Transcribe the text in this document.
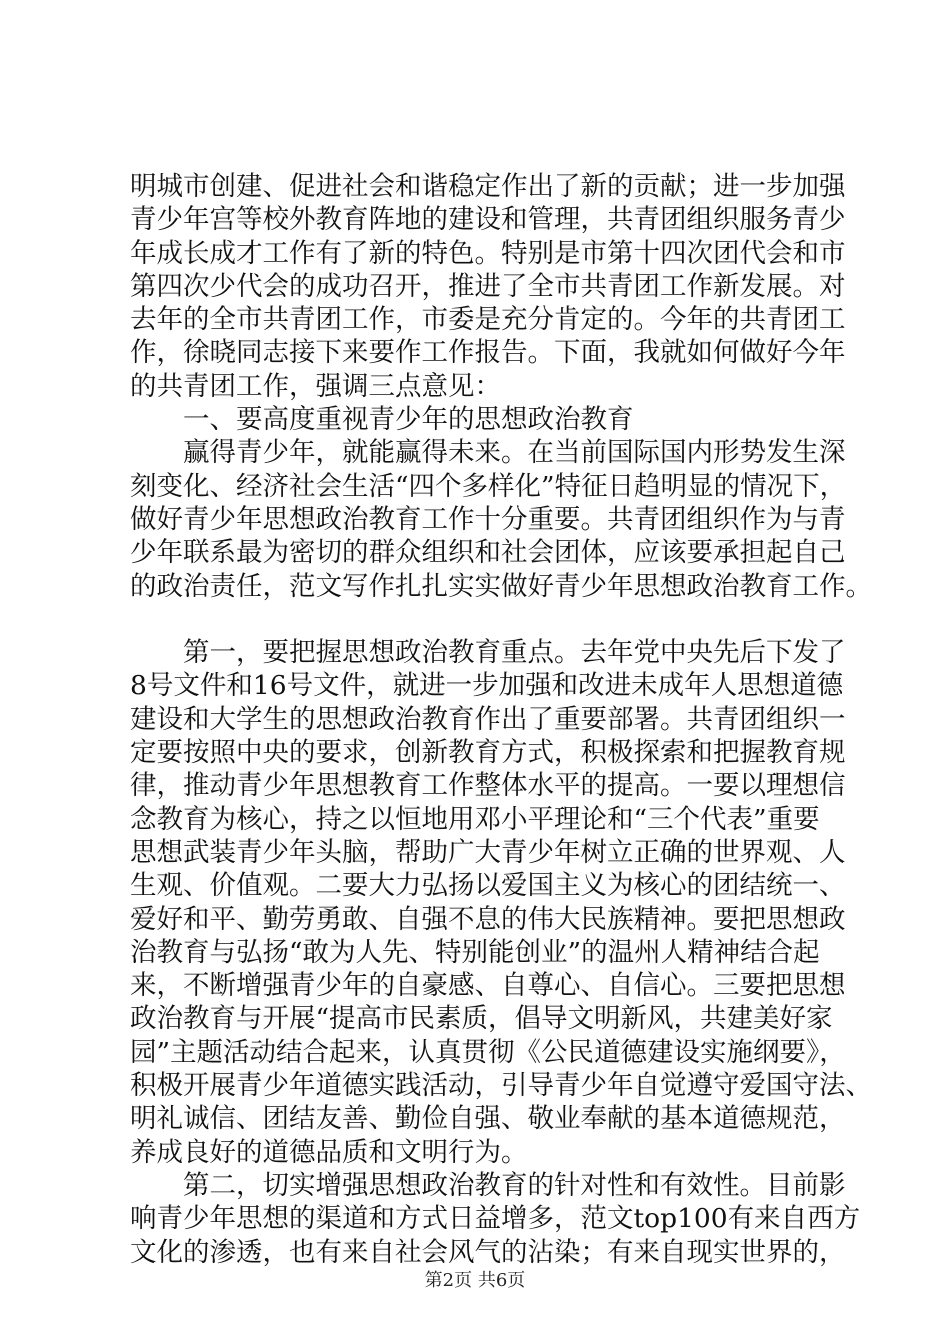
明城市创建、促进社会和谐稳定作出了新的贡献；进一步加强
青少年宫等校外教育阵地的建设和管理，共青团组织服务青少
年成长成才工作有了新的特色。特别是市第十四次团代会和市
第四次少代会的成功召开，推进了全市共青团工作新发展。对
去年的全市共青团工作，市委是充分肯定的。今年的共青团工
作，徐晓同志接下来要作工作报告。下面，我就如何做好今年
的共青团工作，强调三点意见：
一、要高度重视青少年的思想政治教育
赢得青少年，就能赢得未来。在当前国际国内形势发生深
刻变化、经济社会生活“四个多样化”特征日趋明显的情况下，
做好青少年思想政治教育工作十分重要。共青团组织作为与青
少年联系最为密切的群众组织和社会团体，应该要承担起自己
的政治责任，范文写作扎扎实实做好青少年思想政治教育工作。
第一，要把握思想政治教育重点。去年党中央先后下发了
8号文件和16号文件，就进一步加强和改进未成年人思想道德
建设和大学生的思想政治教育作出了重要部署。共青团组织一
定要按照中央的要求，创新教育方式，积极探索和把握教育规
律，推动青少年思想教育工作整体水平的提高。一要以理想信
念教育为核心，持之以恒地用邓小平理论和“三个代表”重要
思想武装青少年头脑，帮助广大青少年树立正确的世界观、人
生观、价值观。二要大力弘扬以爱国主义为核心的团结统一、
爱好和平、勤劳勇敢、自强不息的伟大民族精神。要把思想政
治教育与弘扬“敢为人先、特别能创业”的温州人精神结合起
来，不断增强青少年的自豪感、自尊心、自信心。三要把思想
政治教育与开展“提高市民素质，倡导文明新风，共建美好家
园”主题活动结合起来，认真贯彻《公民道德建设实施纲要》，
积极开展青少年道德实践活动，引导青少年自觉遵守爱国守法、
明礼诚信、团结友善、勤俭自强、敬业奉献的基本道德规范，
养成良好的道德品质和文明行为。
第二，切实增强思想政治教育的针对性和有效性。目前影
响青少年思想的渠道和方式日益增多，范文top100有来自西方
文化的渗透，也有来自社会风气的沾染；有来自现实世界的，
第2页 共6页
